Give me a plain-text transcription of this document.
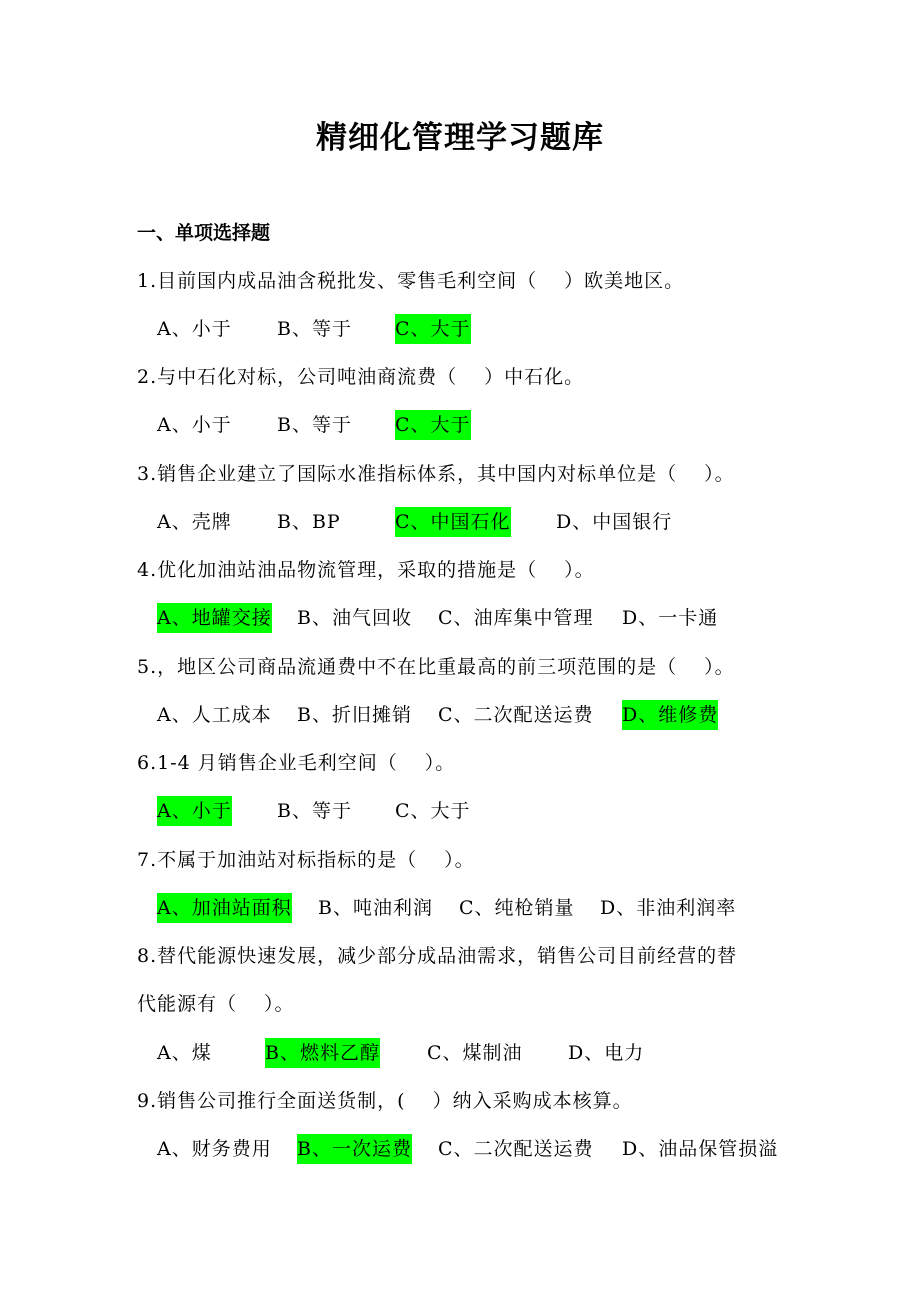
精细化管理学习题库
一、单项选择题
1.目前国内成品油含税批发、零售毛利空间（　 ）欧美地区。
A、小于 B、等于 C、大于
2.与中石化对标，公司吨油商流费（　 ）中石化。
A、小于 B、等于 C、大于
3.销售企业建立了国际水准指标体系，其中国内对标单位是（　 ）。
A、壳牌 B、BP	C、中国石化 D、中国银行
4.优化加油站油品物流管理，采取的措施是（　 ）。
A、地罐交接 B、油气回收 C、油库集中管理 D、一卡通
5.，地区公司商品流通费中不在比重最高的前三项范围的是（　 ）。
A、人工成本 B、折旧摊销 C、二次配送运费 D、维修费
6.1-4 月销售企业毛利空间（　 ）。
A、小于 B、等于 C、大于
7.不属于加油站对标指标的是（　 ）。
A、加油站面积 B、吨油利润 C、纯枪销量 D、非油利润率
8.替代能源快速发展，减少部分成品油需求，销售公司目前经营的替
代能源有（　 ）。
A、煤	B、燃料乙醇 C、煤制油 D、电力
9.销售公司推行全面送货制，(　 ）纳入采购成本核算。
A、财务费用 B、一次运费 C、二次配送运费 D、油品保管损溢
